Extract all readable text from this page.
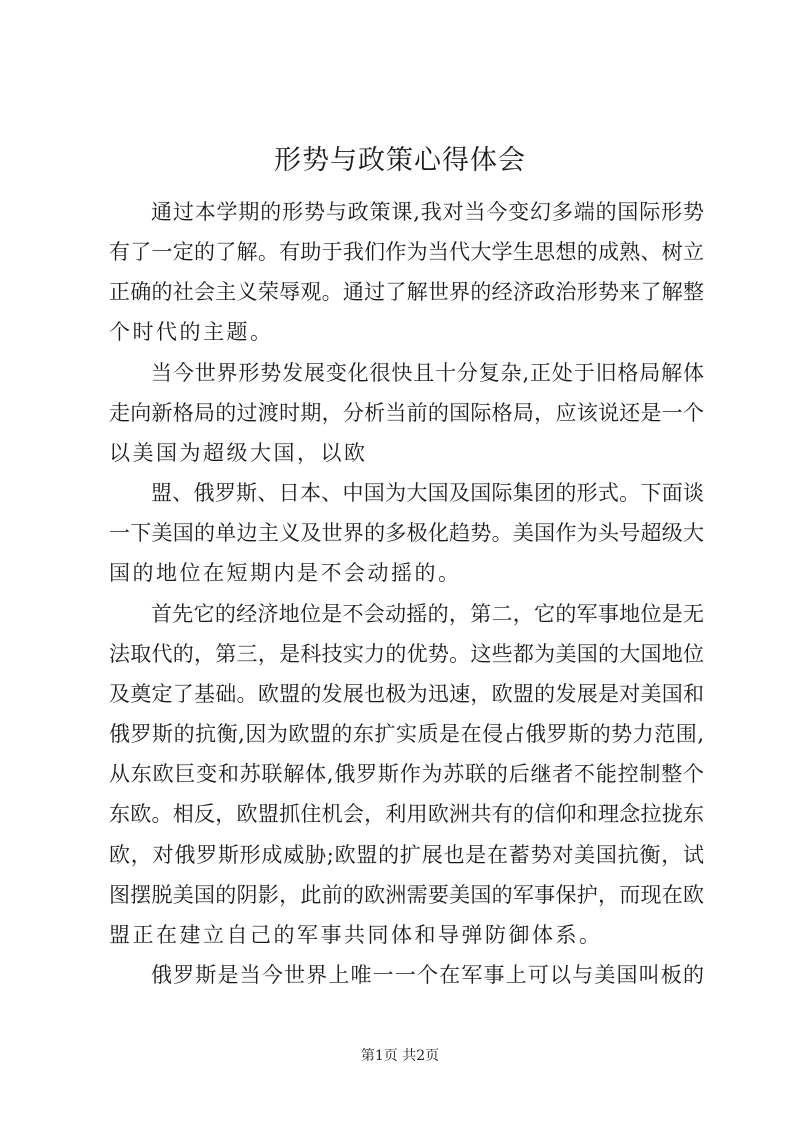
形势与政策心得体会

通过本学期的形势与政策课,我对当今变幻多端的国际形势

有了一定的了解。有助于我们作为当代大学生思想的成熟、树立

正确的社会主义荣辱观。通过了解世界的经济政治形势来了解整

个时代的主题。

当今世界形势发展变化很快且十分复杂,正处于旧格局解体

走向新格局的过渡时期，分析当前的国际格局，应该说还是一个

以美国为超级大国，以欧

盟、俄罗斯、日本、中国为大国及国际集团的形式。下面谈

一下美国的单边主义及世界的多极化趋势。美国作为头号超级大

国的地位在短期内是不会动摇的。

首先它的经济地位是不会动摇的，第二，它的军事地位是无

法取代的，第三，是科技实力的优势。这些都为美国的大国地位

及奠定了基础。欧盟的发展也极为迅速，欧盟的发展是对美国和

俄罗斯的抗衡,因为欧盟的东扩实质是在侵占俄罗斯的势力范围,

从东欧巨变和苏联解体,俄罗斯作为苏联的后继者不能控制整个

东欧。相反，欧盟抓住机会，利用欧洲共有的信仰和理念拉拢东

欧，对俄罗斯形成威胁;欧盟的扩展也是在蓄势对美国抗衡，试

图摆脱美国的阴影，此前的欧洲需要美国的军事保护，而现在欧

盟正在建立自己的军事共同体和导弹防御体系。

俄罗斯是当今世界上唯一一个在军事上可以与美国叫板的

第1页 共2页
